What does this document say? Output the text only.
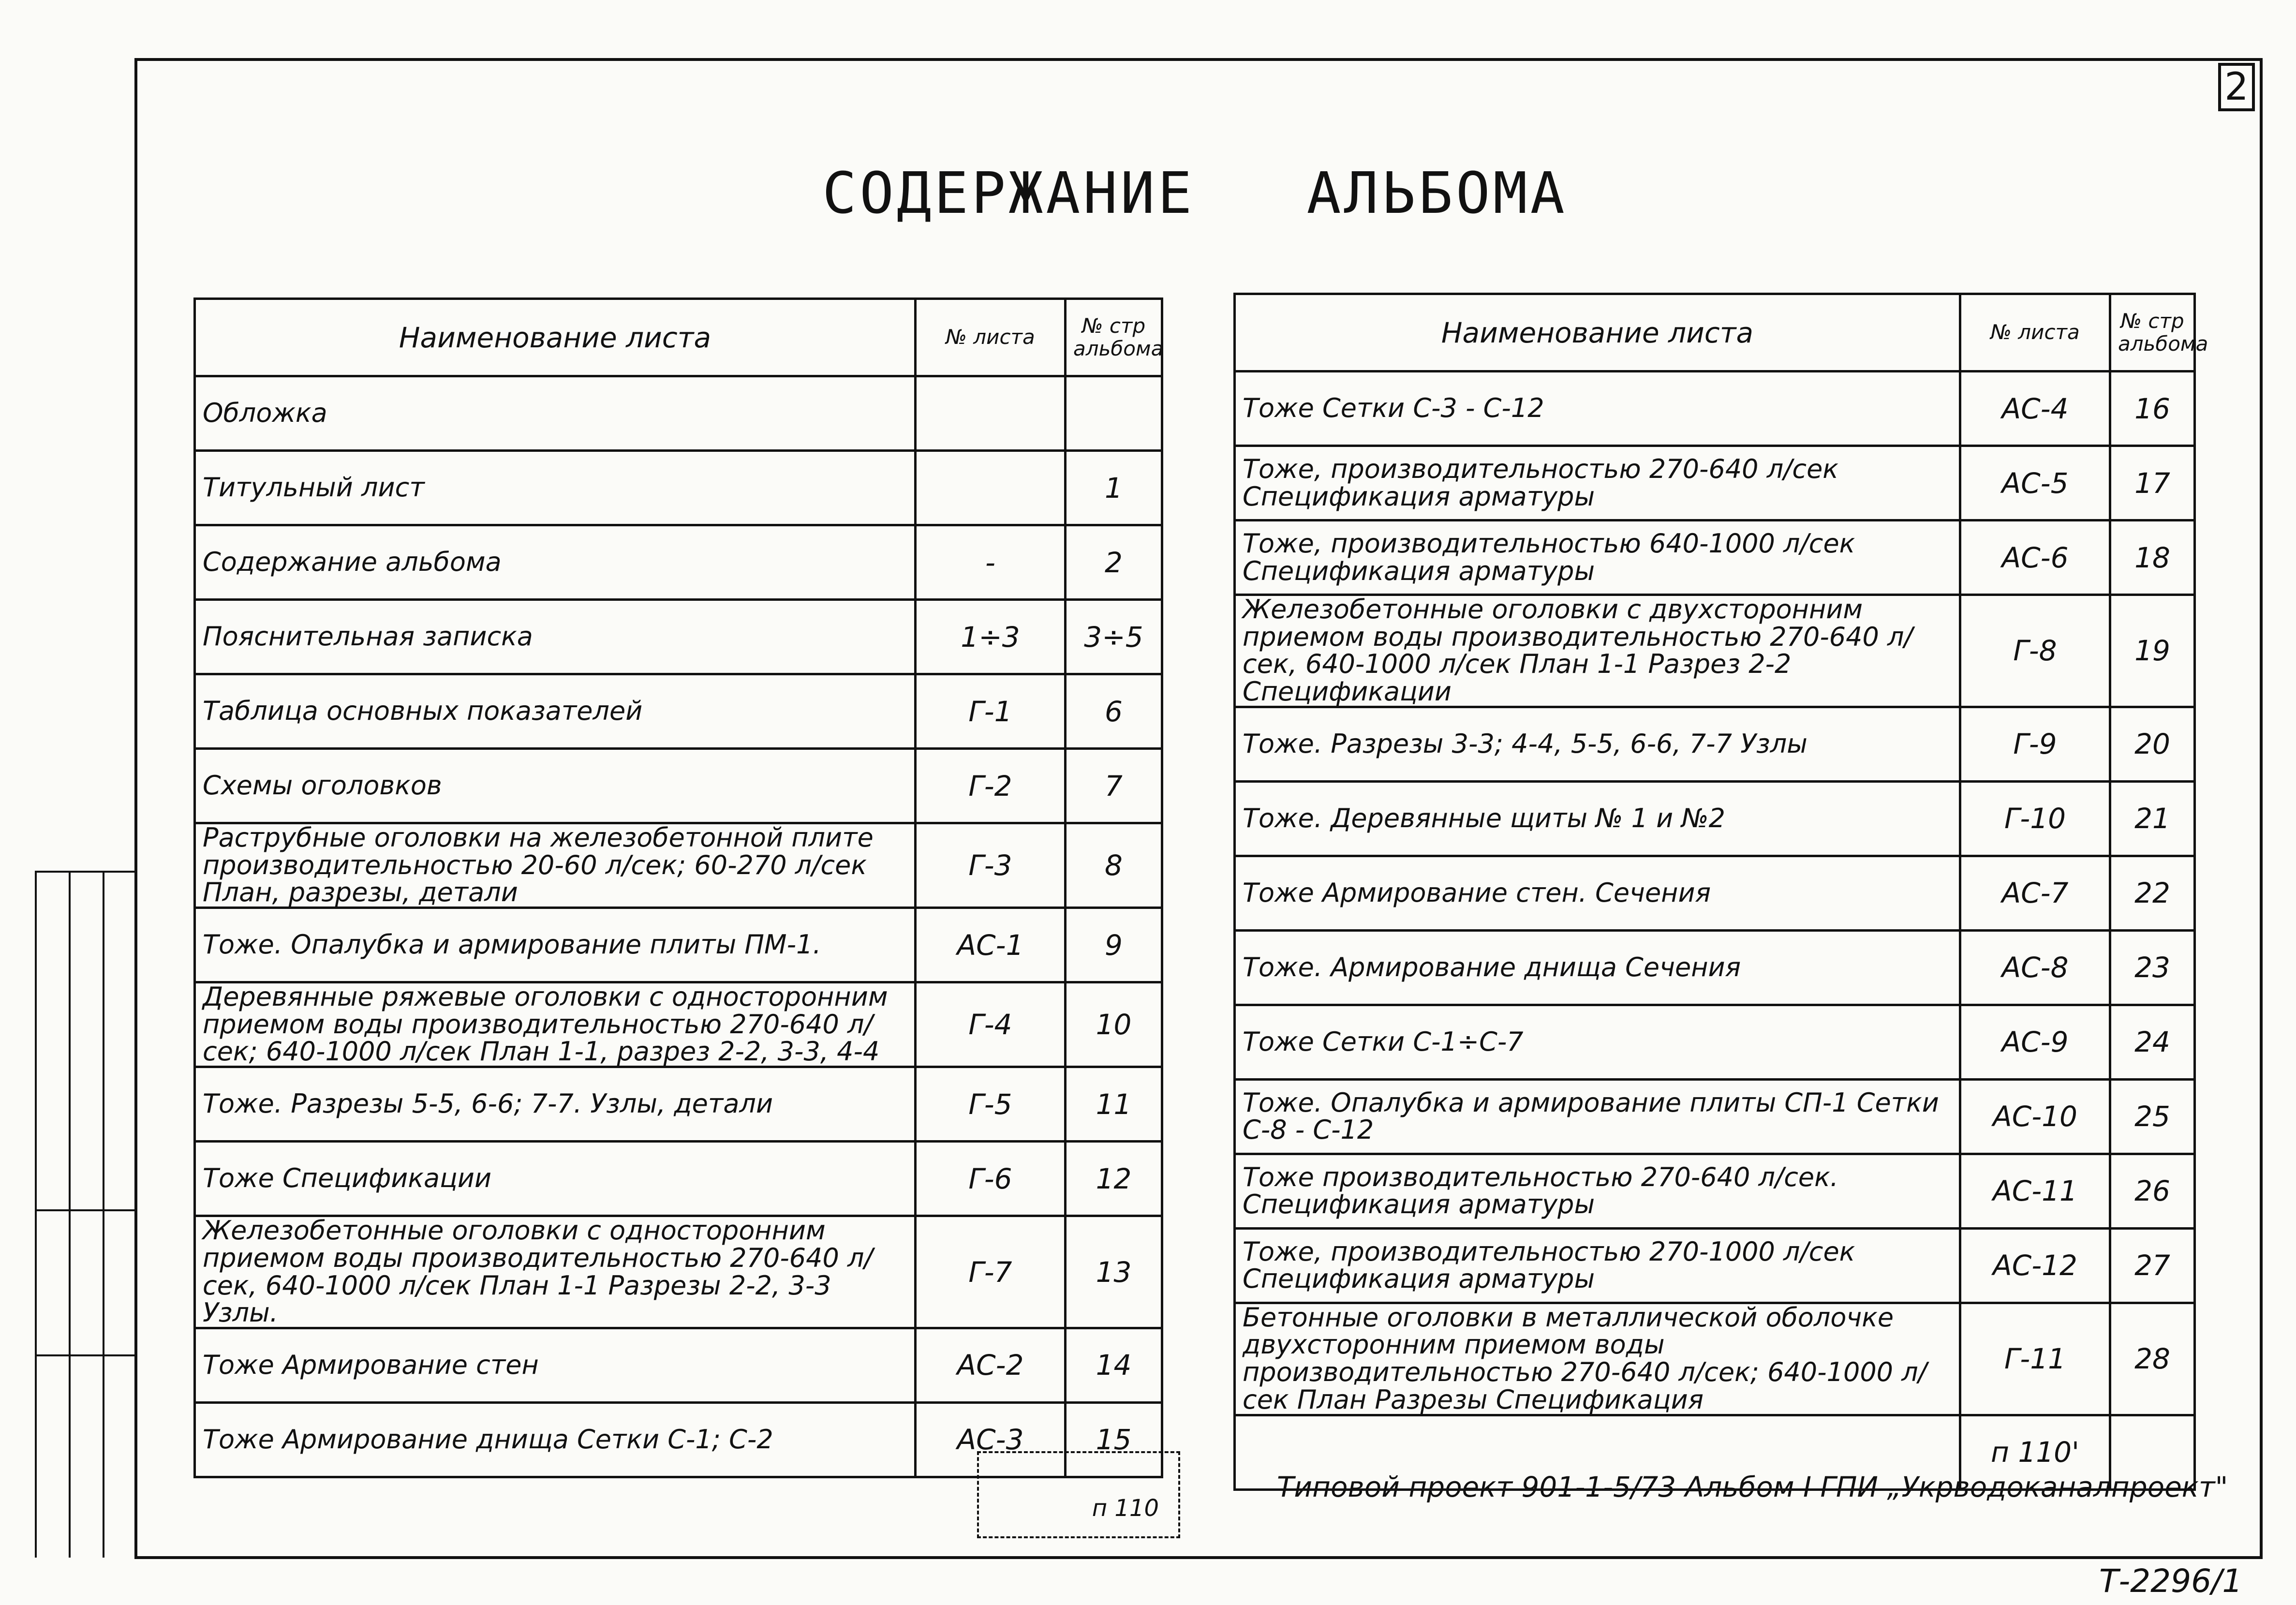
2
СОДЕРЖАНИЕ   АЛЬБОМА
Наименование листа	№ листа	№ стр альбома
Обложка		
Титульный лист		1
Содержание альбома	-	2
Пояснительная записка	1÷3	3÷5
Таблица основных показателей	Г-1	6
Схемы оголовков	Г-2	7
Раструбные оголовки на железобетонной плите производительностью 20-60 л/сек; 60-270 л/сек План, разрезы, детали	Г-3	8
Тоже. Опалубка и армирование плиты ПМ-1.	АС-1	9
Деревянные ряжевые оголовки с односторонним приемом воды производительностью 270-640 л/сек; 640-1000 л/сек План 1-1, разрез 2-2, 3-3, 4-4	Г-4	10
Тоже. Разрезы 5-5, 6-6; 7-7. Узлы, детали	Г-5	11
Тоже Спецификации	Г-6	12
Железобетонные оголовки с односторонним приемом воды производительностью 270-640 л/сек, 640-1000 л/сек План 1-1 Разрезы 2-2, 3-3 Узлы.	Г-7	13
Тоже Армирование стен	АС-2	14
Тоже Армирование днища Сетки С-1; С-2	АС-3	15
Наименование листа	№ листа	№ стр альбома
Тоже Сетки С-3 - С-12	АС-4	16
Тоже, производительностью 270-640 л/сек Спецификация арматуры	АС-5	17
Тоже, производительностью 640-1000 л/сек Спецификация арматуры	АС-6	18
Железобетонные оголовки с двухсторонним приемом воды производительностью 270-640 л/сек, 640-1000 л/сек План 1-1 Разрез 2-2 Спецификации	Г-8	19
Тоже. Разрезы 3-3; 4-4, 5-5, 6-6, 7-7 Узлы	Г-9	20
Тоже. Деревянные щиты № 1 и №2	Г-10	21
Тоже Армирование стен. Сечения	АС-7	22
Тоже. Армирование днища Сечения	АС-8	23
Тоже Сетки С-1÷С-7	АС-9	24
Тоже. Опалубка и армирование плиты СП-1 Сетки С-8 - С-12	АС-10	25
Тоже производительностью 270-640 л/сек. Спецификация арматуры	АС-11	26
Тоже, производительностью 270-1000 л/сек Спецификация арматуры	АС-12	27
Бетонные оголовки в металлической оболочке двухсторонним приемом воды производительностью 270-640 л/сек; 640-1000 л/сек План Разрезы Спецификация	Г-11	28
	п 110'	
п 110
Типовой проект 901-1-5/73 Альбом I ГПИ „Укрводоканалпроект"
Т-2296/1
